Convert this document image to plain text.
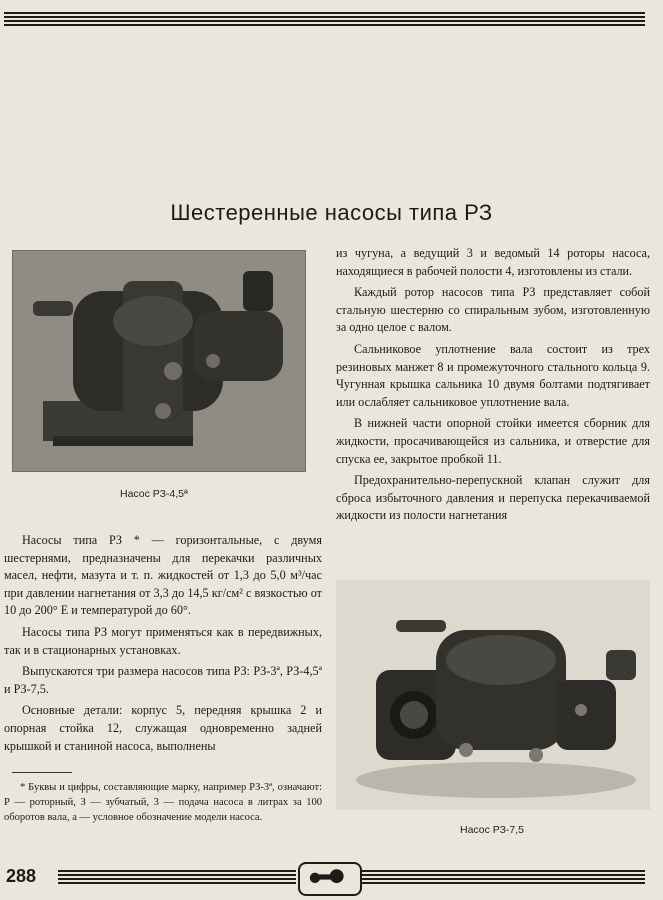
Шестеренные насосы типа РЗ
Насос РЗ-4,5ª

Насосы типа РЗ * — горизонтальные, с двумя шестернями, предназначены для перекачки различных масел, нефти, мазута и т. п. жидкостей от 1,3 до 5,0 м³/час при давлении нагнетания от 3,3 до 14,5 кг/см² с вязкостью от 10 до 200° Е и температурой до 60°.

Насосы типа РЗ могут применяться как в передвижных, так и в стационарных установках.

Выпускаются три размера насосов типа РЗ: РЗ-3ª, РЗ-4,5ª и РЗ-7,5.

Основные детали: корпус 5, передняя крышка 2 и опорная стойка 12, служащая одновременно задней крышкой и станиной насоса, выполнены

из чугуна, а ведущий 3 и ведомый 14 роторы насоса, находящиеся в рабочей полости 4, изготовлены из стали.

Каждый ротор насосов типа РЗ представляет собой стальную шестерню со спиральным зубом, изготовленную за одно целое с валом.

Сальниковое уплотнение вала состоит из трех резиновых манжет 8 и промежуточного стального кольца 9. Чугунная крышка сальника 10 двумя болтами подтягивает или ослабляет сальниковое уплотнение вала.

В нижней части опорной стойки имеется сборник для жидкости, просачивающейся из сальника, и отверстие для спуска ее, закрытое пробкой 11.

Предохранительно-перепускной клапан служит для сброса избыточного давления и перепуска перекачиваемой жидкости из полости нагнетания

Насос РЗ-7,5

* Буквы и цифры, составляющие марку, например РЗ-3ª, означают: Р — роторный, З — зубчатый, 3 — подача насоса в литрах за 100 оборотов вала, а — условное обозначение модели насоса.

288
